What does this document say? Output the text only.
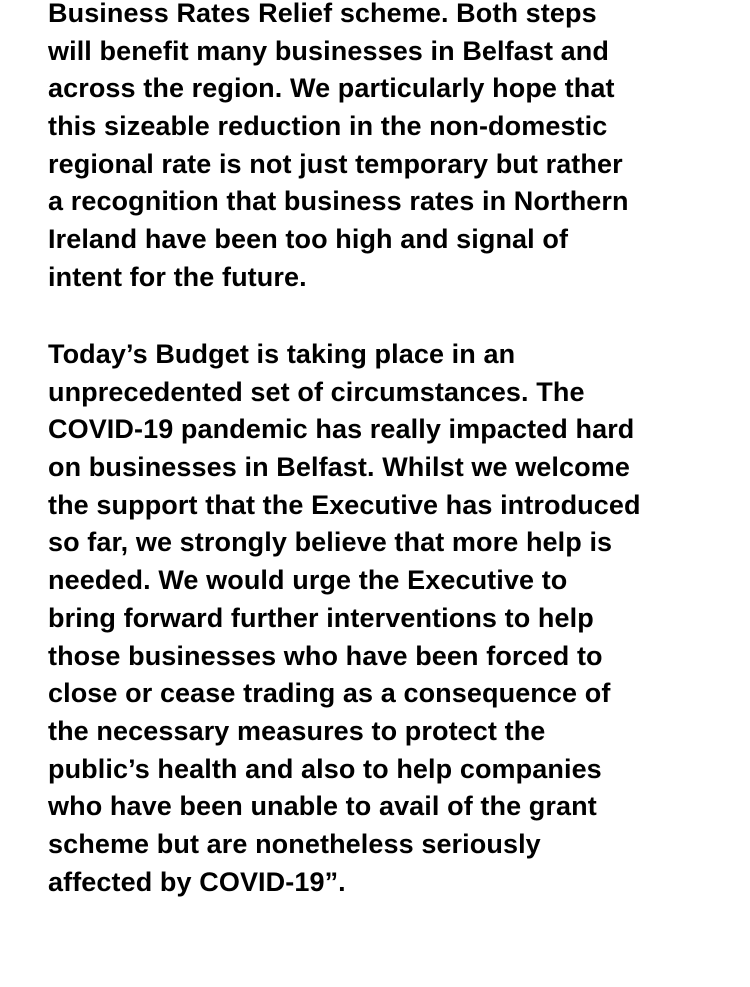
Business Rates Relief scheme. Both steps
will benefit many businesses in Belfast and
across the region. We particularly hope that
this sizeable reduction in the non-domestic
regional rate is not just temporary but rather
a recognition that business rates in Northern
Ireland have been too high and signal of
intent for the future.

Today’s Budget is taking place in an
unprecedented set of circumstances. The
COVID-19 pandemic has really impacted hard
on businesses in Belfast. Whilst we welcome
the support that the Executive has introduced
so far, we strongly believe that more help is
needed. We would urge the Executive to
bring forward further interventions to help
those businesses who have been forced to
close or cease trading as a consequence of
the necessary measures to protect the
public’s health and also to help companies
who have been unable to avail of the grant
scheme but are nonetheless seriously
affected by COVID-19”.
